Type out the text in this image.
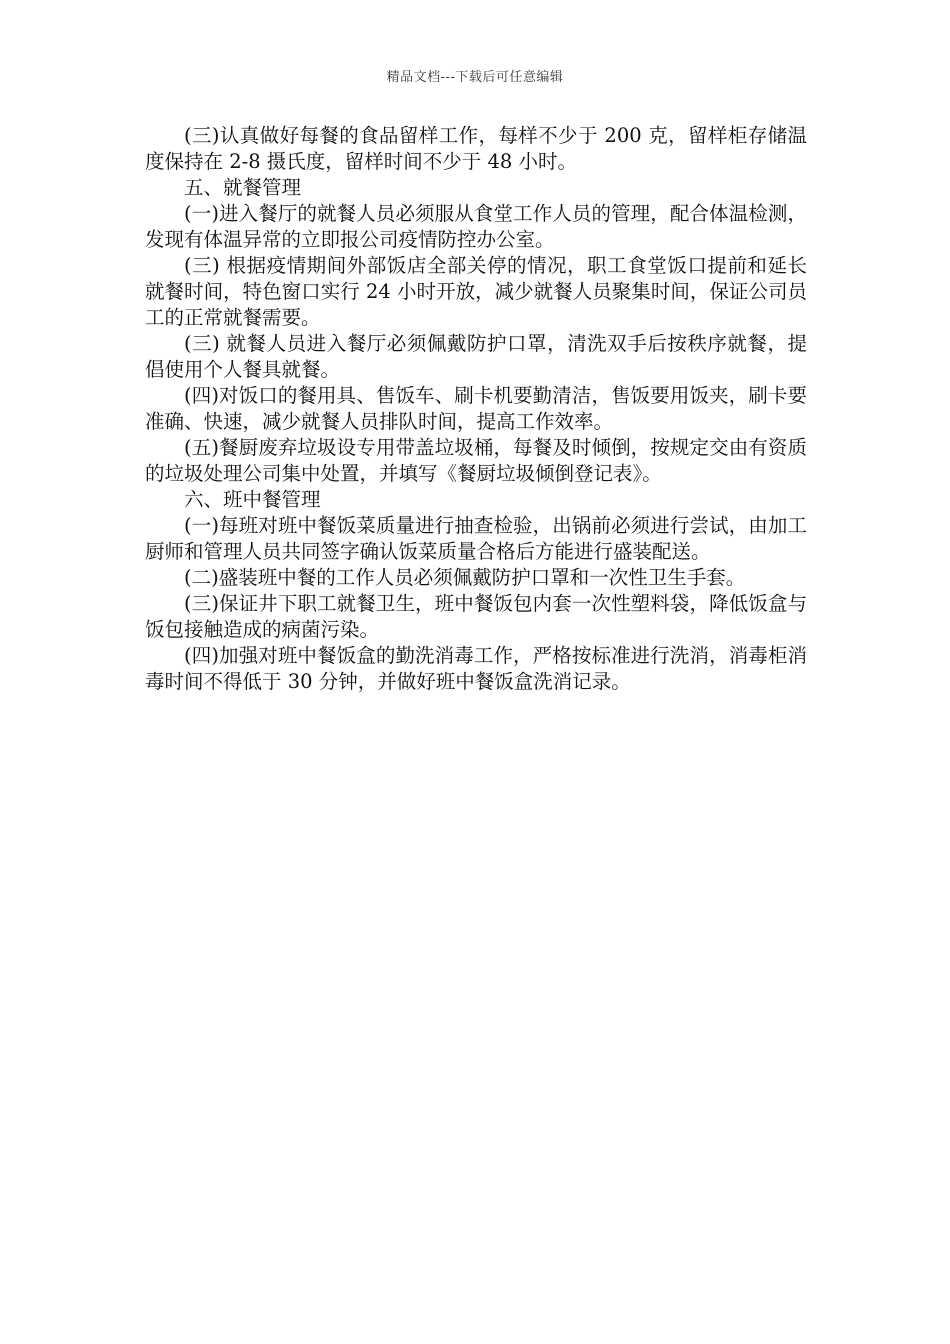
精品文档---下载后可任意编辑

(三)认真做好每餐的食品留样工作，每样不少于 200 克，留样柜存储温度保持在 2-8 摄氏度，留样时间不少于 48 小时。

五、就餐管理

(一)进入餐厅的就餐人员必须服从食堂工作人员的管理，配合体温检测，发现有体温异常的立即报公司疫情防控办公室。

(三) 根据疫情期间外部饭店全部关停的情况，职工食堂饭口提前和延长就餐时间，特色窗口实行 24 小时开放，减少就餐人员聚集时间，保证公司员工的正常就餐需要。

(三) 就餐人员进入餐厅必须佩戴防护口罩，清洗双手后按秩序就餐，提倡使用个人餐具就餐。

(四)对饭口的餐用具、售饭车、刷卡机要勤清洁，售饭要用饭夹，刷卡要准确、快速，减少就餐人员排队时间，提高工作效率。

(五)餐厨废弃垃圾设专用带盖垃圾桶，每餐及时倾倒，按规定交由有资质的垃圾处理公司集中处置，并填写《餐厨垃圾倾倒登记表》。

六、班中餐管理

(一)每班对班中餐饭菜质量进行抽查检验，出锅前必须进行尝试，由加工厨师和管理人员共同签字确认饭菜质量合格后方能进行盛装配送。

(二)盛装班中餐的工作人员必须佩戴防护口罩和一次性卫生手套。

(三)保证井下职工就餐卫生，班中餐饭包内套一次性塑料袋，降低饭盒与饭包接触造成的病菌污染。

(四)加强对班中餐饭盒的勤洗消毒工作，严格按标准进行洗消，消毒柜消毒时间不得低于 30 分钟，并做好班中餐饭盒洗消记录。
